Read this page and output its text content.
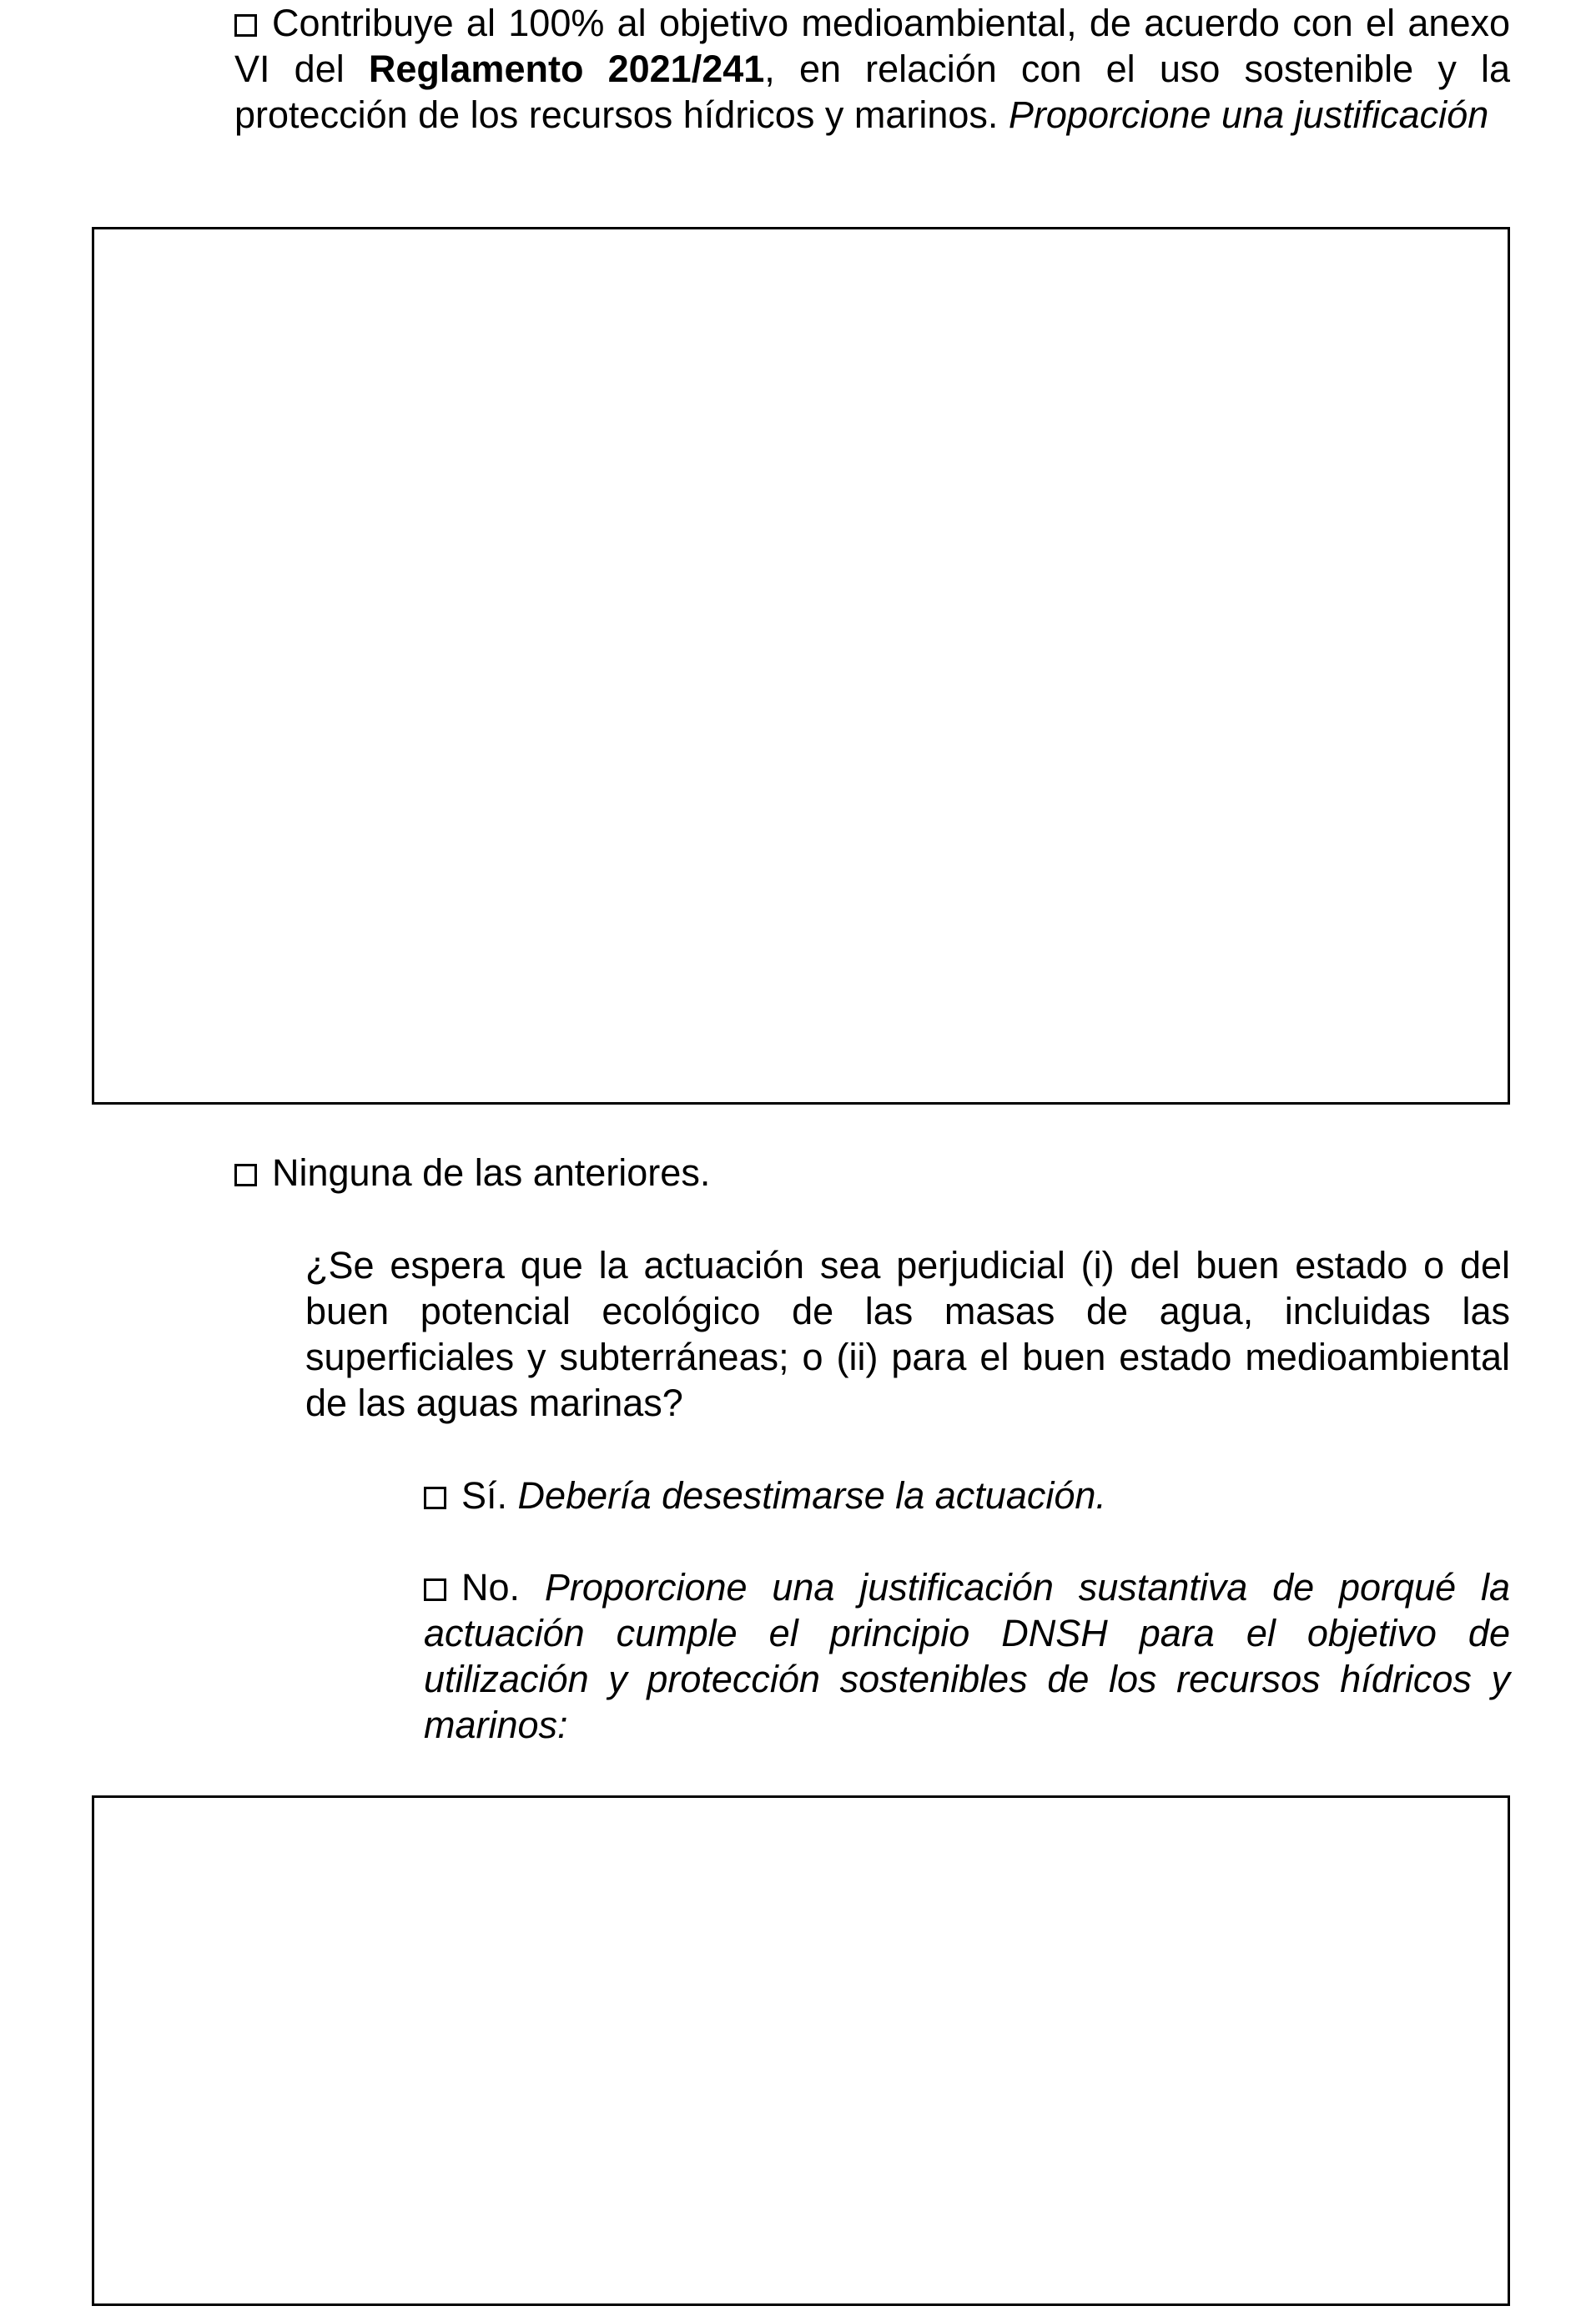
Contribuye al 100% al objetivo medioambiental, de acuerdo con el anexo VI del Reglamento 2021/241, en relación con el uso sostenible y la protección de los recursos hídricos y marinos. Proporcione una justificación

Ninguna de las anteriores.

¿Se espera que la actuación sea perjudicial (i) del buen estado o del buen potencial ecológico de las masas de agua, incluidas las superficiales y subterráneas; o (ii) para el buen estado medioambiental de las aguas marinas?

Sí. Debería desestimarse la actuación.

No. Proporcione una justificación sustantiva de porqué la actuación cumple el principio DNSH para el objetivo de utilización y protección sostenibles de los recursos hídricos y marinos:
